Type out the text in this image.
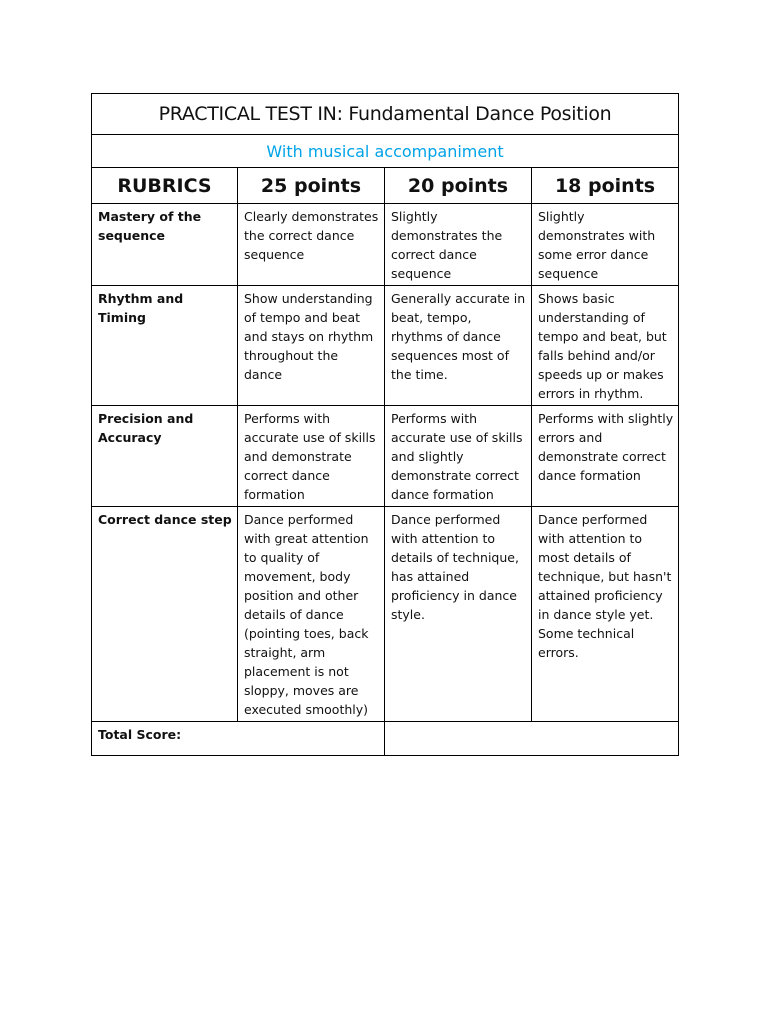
PRACTICAL TEST IN: Fundamental Dance Position			
With musical accompaniment			
RUBRICS	25 points	20 points	18 points
Mastery of the sequence	Clearly demonstrates the correct dance sequence	Slightly demonstrates the correct dance sequence	Slightly demonstrates with some error dance sequence
Rhythm and Timing	Show understanding of tempo and beat and stays on rhythm throughout the dance	Generally accurate in beat, tempo, rhythms of dance sequences most of the time.	Shows basic understanding of tempo and beat, but falls behind and/or speeds up or makes errors in rhythm.
Precision and Accuracy	Performs with accurate use of skills and demonstrate correct dance formation	Performs with accurate use of skills and slightly demonstrate correct dance formation	Performs with slightly errors and demonstrate correct dance formation
Correct dance step	Dance performed with great attention to quality of movement, body position and other details of dance (pointing toes, back straight, arm placement is not sloppy, moves are executed smoothly)	Dance performed with attention to details of technique, has attained proficiency in dance style.	Dance performed with attention to most details of technique, but hasn't attained proficiency in dance style yet. Some technical errors.
Total Score:			
